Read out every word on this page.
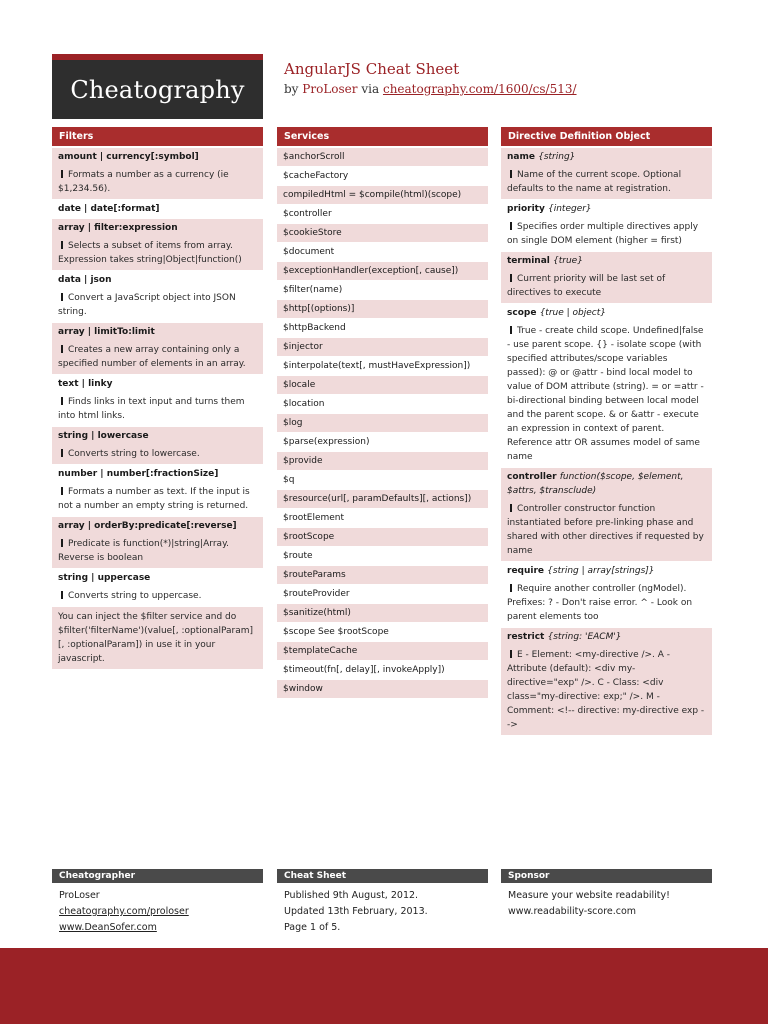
Cheatography
AngularJS Cheat Sheet
by ProLoser via cheatography.com/1600/cs/513/
Filters
amount | currency[:symbol]
Formats a number as a currency (ie $1,234.56).
date | date[:format]
array | filter:expression
Selects a subset of items from array. Expression takes string|Object|function()
data | json
Convert a JavaScript object into JSON string.
array | limitTo:limit
Creates a new array containing only a specified number of elements in an array.
text | linky
Finds links in text input and turns them into html links.
string | lowercase
Converts string to lowercase.
number | number[:fractionSize]
Formats a number as text. If the input is not a number an empty string is returned.
array | orderBy:predicate[:reverse]
Predicate is function(*)|string|Array. Reverse is boolean
string | uppercase
Converts string to uppercase.
You can inject the $filter service and do $filter('filterName')(value[, :optionalParam][, :optionalParam]) in use it in your javascript.
Services
$anchorScroll
$cacheFactory
compiledHtml = $compile(html)(scope)
$controller
$cookieStore
$document
$exceptionHandler(exception[, cause])
$filter(name)
$http[(options)]
$httpBackend
$injector
$interpolate(text[, mustHaveExpression])
$locale
$location
$log
$parse(expression)
$provide
$q
$resource(url[, paramDefaults][, actions])
$rootElement
$rootScope
$route
$routeParams
$routeProvider
$sanitize(html)
$scope See $rootScope
$templateCache
$timeout(fn[, delay][, invokeApply])
$window
Directive Definition Object
name {string}
Name of the current scope. Optional defaults to the name at registration.
priority {integer}
Specifies order multiple directives apply on single DOM element (higher = first)
terminal {true}
Current priority will be last set of directives to execute
scope {true | object}
True - create child scope. Undefined|false - use parent scope. {} - isolate scope (with specified attributes/scope variables passed): @ or @attr - bind local model to value of DOM attribute (string). = or =attr - bi-directional binding between local model and the parent scope. & or &attr - execute an expression in context of parent. Reference attr OR assumes model of same name
controller function($scope, $element, $attrs, $transclude)
Controller constructor function instantiated before pre-linking phase and shared with other directives if requested by name
require {string | array[strings]}
Require another controller (ngModel). Prefixes: ? - Don't raise error. ^ - Look on parent elements too
restrict {string: 'EACM'}
E - Element: <my-directive />. A - Attribute (default): <div my-directive="exp" />. C - Class: <div class="my-directive: exp;" />. M - Comment: <!-- directive: my-directive exp -->
Cheatographer
ProLoser
cheatography.com/proloser
www.DeanSofer.com
Cheat Sheet
Published 9th August, 2012.
Updated 13th February, 2013.
Page 1 of 5.
Sponsor
Measure your website readability!
www.readability-score.com
